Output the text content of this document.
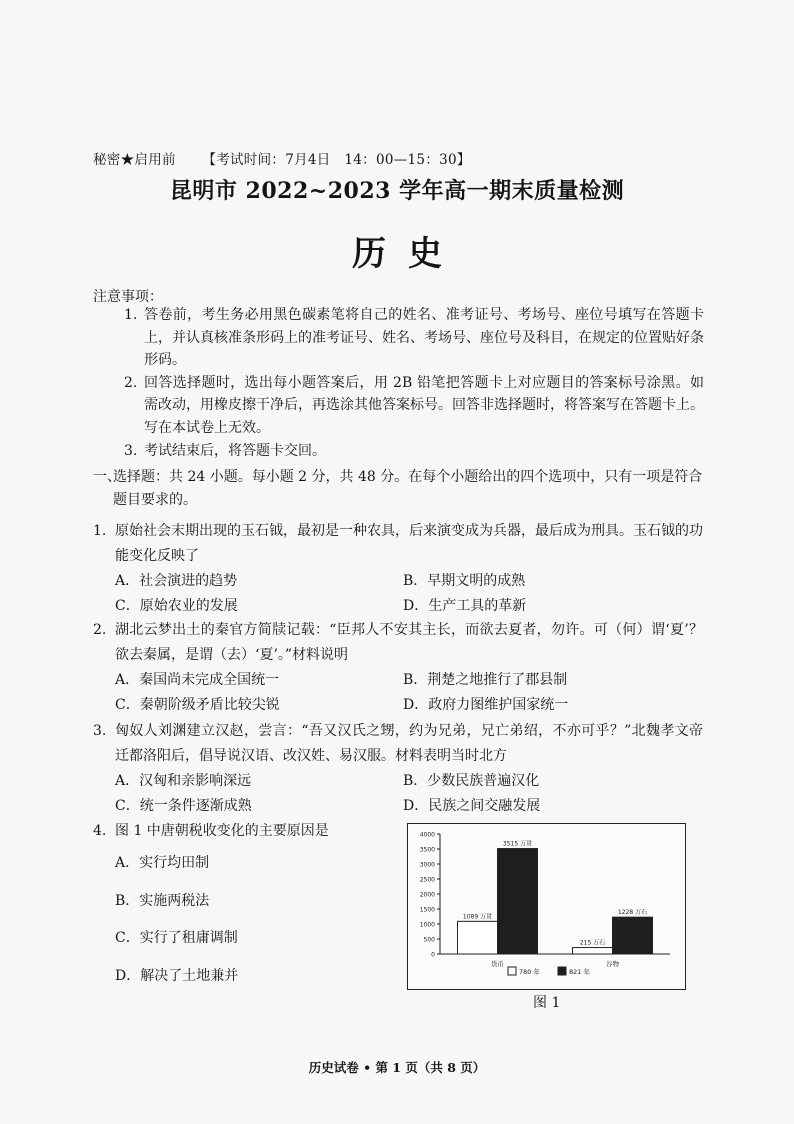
秘密★启用前 【考试时间：7月4日　14：00—15：30】
昆明市 2022~2023 学年高一期末质量检测
历史
注意事项：
1. 答卷前，考生务必用黑色碳素笔将自己的姓名、准考证号、考场号、座位号填写在答题卡上，并认真核准条形码上的准考证号、姓名、考场号、座位号及科目，在规定的位置贴好条形码。
2. 回答选择题时，选出每小题答案后，用 2B 铅笔把答题卡上对应题目的答案标号涂黑。如需改动，用橡皮擦干净后，再选涂其他答案标号。回答非选择题时，将答案写在答题卡上。写在本试卷上无效。
3. 考试结束后，将答题卡交回。
一、
选择题：共 24 小题。每小题 2 分，共 48 分。在每个小题给出的四个选项中，只有一项是符合题目要求的。
1. 原始社会末期出现的玉石钺，最初是一种农具，后来演变成为兵器，最后成为刑具。玉石钺的功能变化反映了
A．社会演进的趋势	B．早期文明的成熟
C．原始农业的发展	D．生产工具的革新
2. 湖北云梦出土的秦官方简牍记载：“臣邦人不安其主长，而欲去夏者，勿许。可（何）谓‘夏’？欲去秦属，是谓（去）‘夏’。”材料说明
A．秦国尚未完成全国统一	B．荆楚之地推行了郡县制
C．秦朝阶级矛盾比较尖锐	D．政府力图维护国家统一
3. 匈奴人刘渊建立汉赵，尝言：“吾又汉氏之甥，约为兄弟，兄亡弟绍，不亦可乎？”北魏孝文帝迁都洛阳后，倡导说汉语、改汉姓、易汉服。材料表明当时北方
A．汉匈和亲影响深远	B．少数民族普遍汉化
C．统一条件逐渐成熟	D．民族之间交融发展
4. 图 1 中唐朝税收变化的主要原因是
A．实行均田制
B．实施两税法
C．实行了租庸调制
D．解决了土地兼并
0
500
1000
1500
2000
2500
3000
3500
4000
1089 万贯
3515 万贯
货币
215 万石
1228 万石
谷物
780 年	821 年
图 1
历史试卷 • 第 1 页（共 8 页）
